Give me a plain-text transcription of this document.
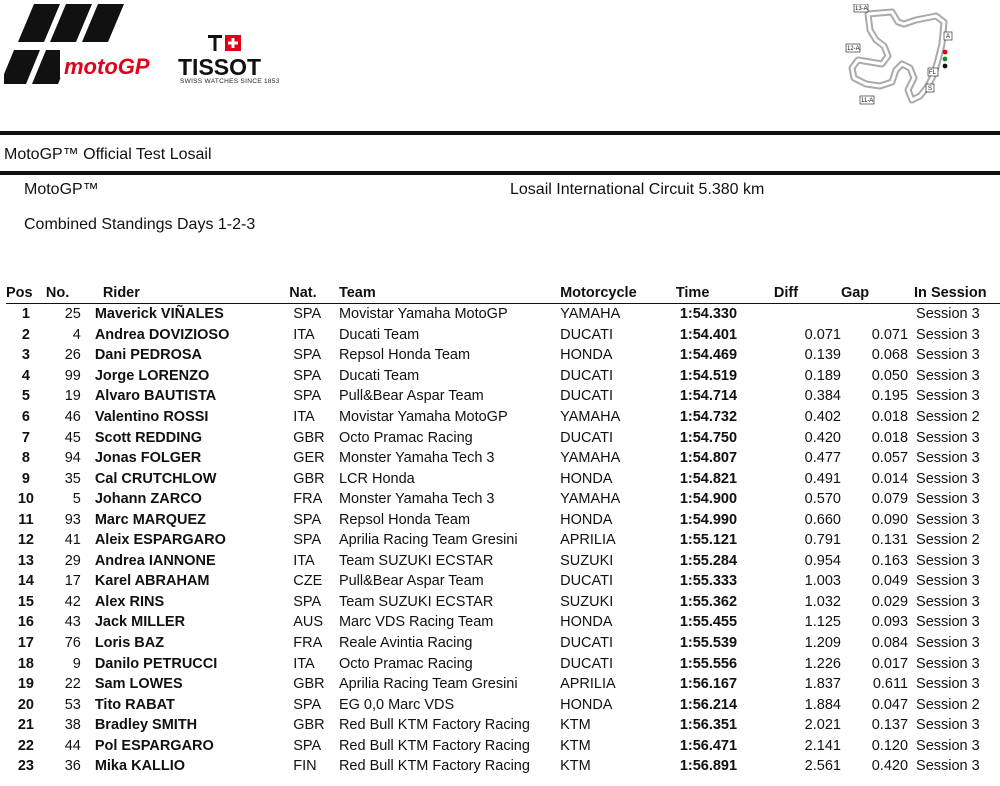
motoGP TISSOT
SWISS WATCHES SINCE 1853
13-A
A
12-A
FL
S
11-A
MotoGP™ Official Test Losail
MotoGP™	Losail International Circuit 5.380 km
Combined Standings Days 1-2-3
Pos	No.	Rider	Nat.	Team	Motorcycle	Time	Diff	Gap	In Session
1	25	Maverick VIÑALES	SPA	Movistar Yamaha MotoGP	YAMAHA	1:54.330			Session 3
2	4	Andrea DOVIZIOSO	ITA	Ducati Team	DUCATI	1:54.401	0.071	0.071	Session 3
3	26	Dani PEDROSA	SPA	Repsol Honda Team	HONDA	1:54.469	0.139	0.068	Session 3
4	99	Jorge LORENZO	SPA	Ducati Team	DUCATI	1:54.519	0.189	0.050	Session 3
5	19	Alvaro BAUTISTA	SPA	Pull&Bear Aspar Team	DUCATI	1:54.714	0.384	0.195	Session 3
6	46	Valentino ROSSI	ITA	Movistar Yamaha MotoGP	YAMAHA	1:54.732	0.402	0.018	Session 2
7	45	Scott REDDING	GBR	Octo Pramac Racing	DUCATI	1:54.750	0.420	0.018	Session 3
8	94	Jonas FOLGER	GER	Monster Yamaha Tech 3	YAMAHA	1:54.807	0.477	0.057	Session 3
9	35	Cal CRUTCHLOW	GBR	LCR Honda	HONDA	1:54.821	0.491	0.014	Session 3
10	5	Johann ZARCO	FRA	Monster Yamaha Tech 3	YAMAHA	1:54.900	0.570	0.079	Session 3
11	93	Marc MARQUEZ	SPA	Repsol Honda Team	HONDA	1:54.990	0.660	0.090	Session 3
12	41	Aleix ESPARGARO	SPA	Aprilia Racing Team Gresini	APRILIA	1:55.121	0.791	0.131	Session 2
13	29	Andrea IANNONE	ITA	Team SUZUKI ECSTAR	SUZUKI	1:55.284	0.954	0.163	Session 3
14	17	Karel ABRAHAM	CZE	Pull&Bear Aspar Team	DUCATI	1:55.333	1.003	0.049	Session 3
15	42	Alex RINS	SPA	Team SUZUKI ECSTAR	SUZUKI	1:55.362	1.032	0.029	Session 3
16	43	Jack MILLER	AUS	Marc VDS Racing Team	HONDA	1:55.455	1.125	0.093	Session 3
17	76	Loris BAZ	FRA	Reale Avintia Racing	DUCATI	1:55.539	1.209	0.084	Session 3
18	9	Danilo PETRUCCI	ITA	Octo Pramac Racing	DUCATI	1:55.556	1.226	0.017	Session 3
19	22	Sam LOWES	GBR	Aprilia Racing Team Gresini	APRILIA	1:56.167	1.837	0.611	Session 3
20	53	Tito RABAT	SPA	EG 0,0 Marc VDS	HONDA	1:56.214	1.884	0.047	Session 2
21	38	Bradley SMITH	GBR	Red Bull KTM Factory Racing	KTM	1:56.351	2.021	0.137	Session 3
22	44	Pol ESPARGARO	SPA	Red Bull KTM Factory Racing	KTM	1:56.471	2.141	0.120	Session 3
23	36	Mika KALLIO	FIN	Red Bull KTM Factory Racing	KTM	1:56.891	2.561	0.420	Session 3
